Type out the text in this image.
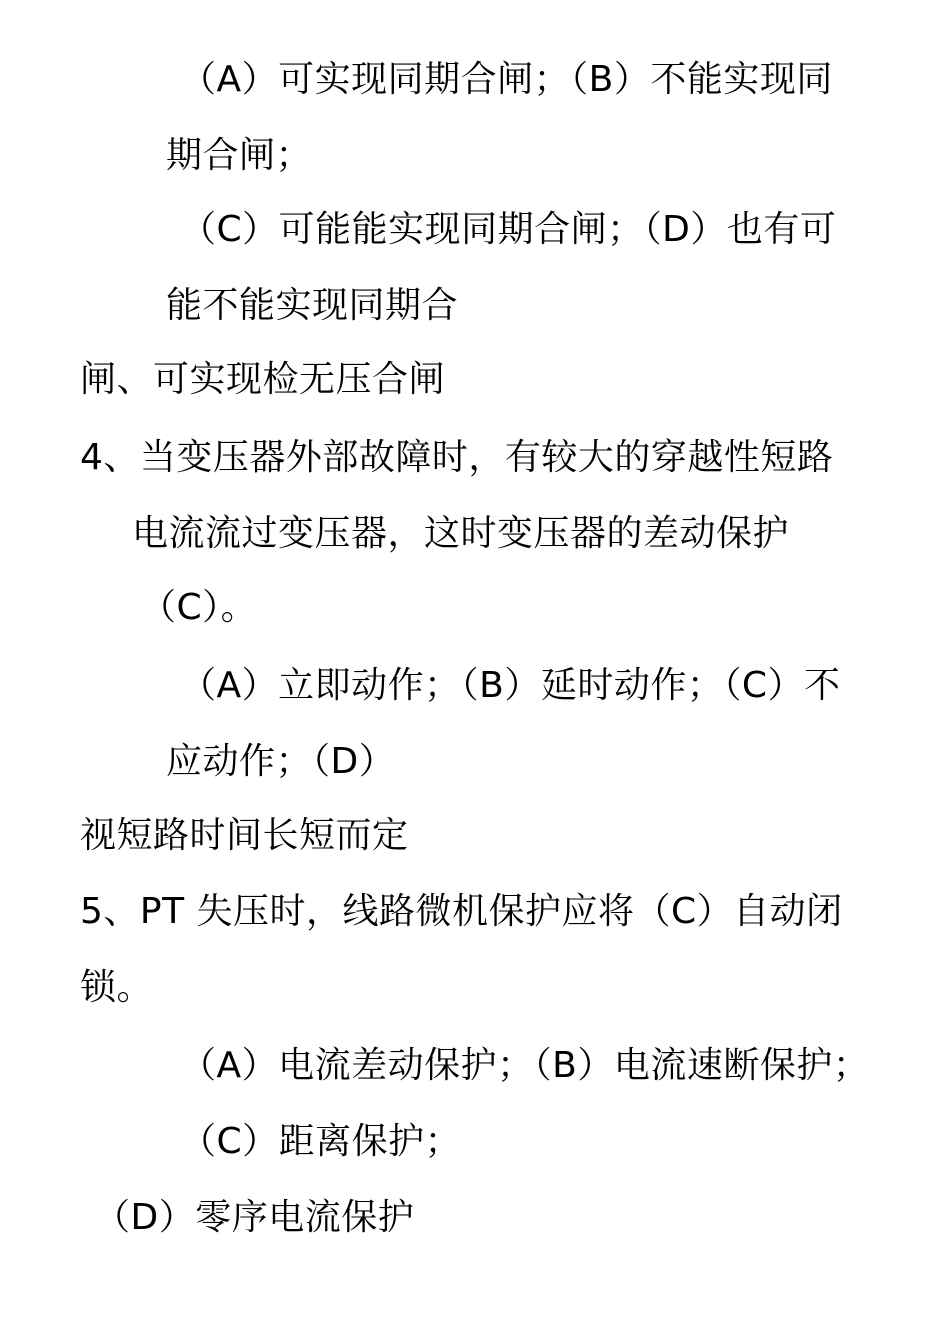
（A）可实现同期合闸；（B）不能实现同
期合闸；
（C）可能能实现同期合闸；（D）也有可
能不能实现同期合
闸、可实现检无压合闸
4、当变压器外部故障时，有较大的穿越性短路
电流流过变压器，这时变压器的差动保护
（C）。
（A）立即动作；（B）延时动作；（C）不
应动作；（D）
视短路时间长短而定
5、PT 失压时，线路微机保护应将（C）自动闭
锁。
（A）电流差动保护；（B）电流速断保护；
（C）距离保护；
（D）零序电流保护
